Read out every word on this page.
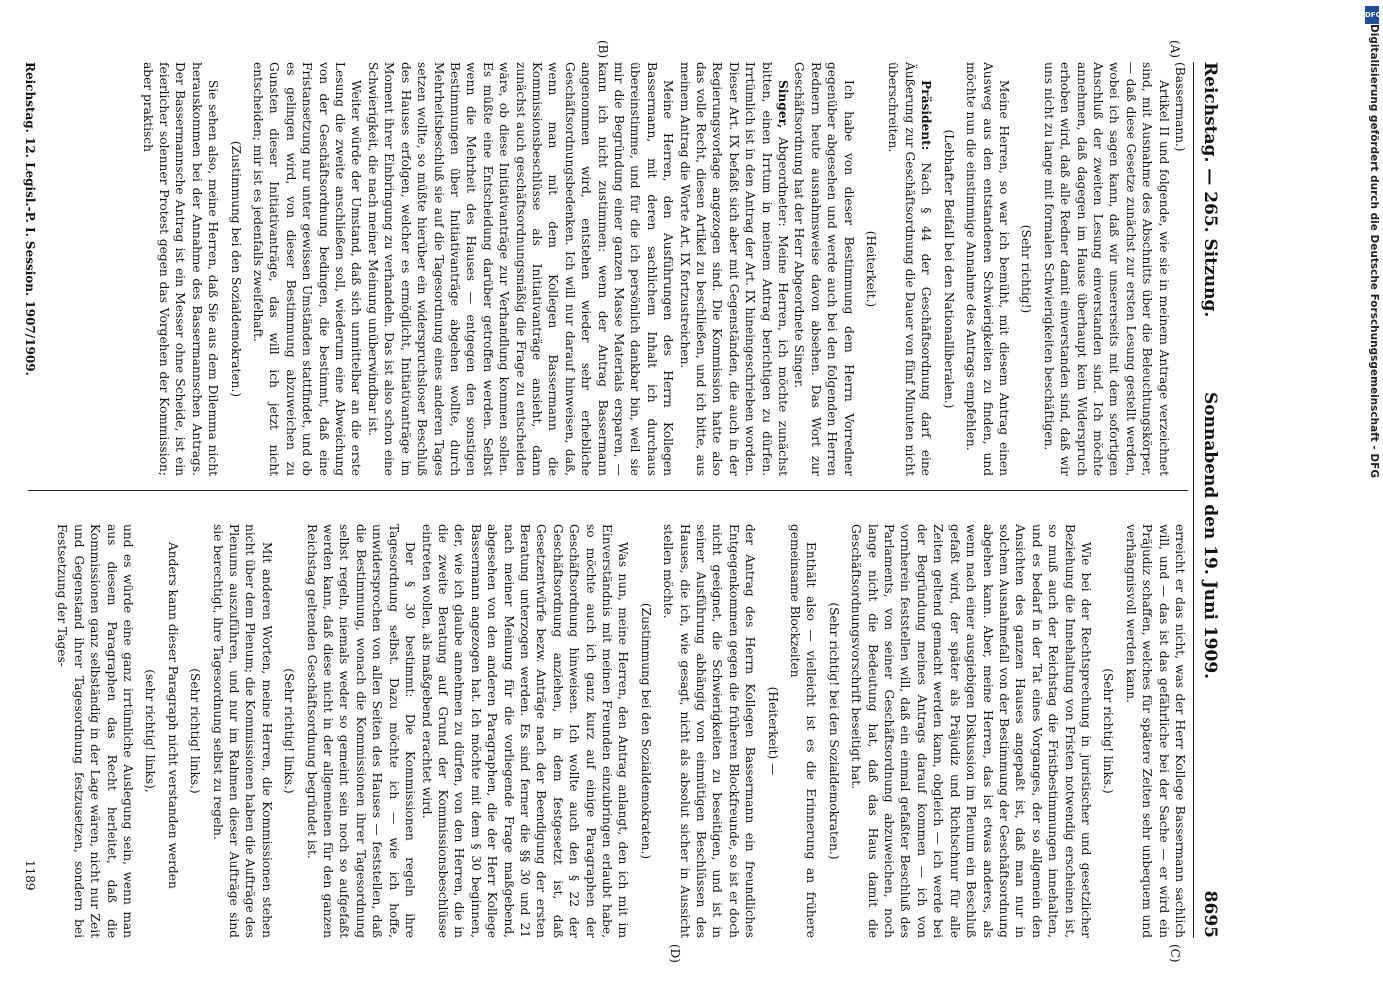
Reichstag. — 265. Sitzung.
Sonnabend den 19. Juni 1909.
8695
(A)
(B)
(C)
(D)

(Bassermann.)

Artikel II und folgende, wie sie in meinem Antrage verzeichnet sind, mit Ausnahme des Abschnitts über die Beleuchtungskörper, — daß diese Gesetze zunächst zur ersten Lesung gestellt werden, wobei ich sagen kann, daß wir unsererseits mit dem sofortigen Anschluß der zweiten Lesung einverstanden sind. Ich möchte annehmen, daß dagegen im Hause überhaupt kein Widerspruch erhoben wird, daß alle Redner damit einverstanden sind, daß wir uns nicht zu lange mit formalen Schwierigkeiten beschäftigen.

(Sehr richtig!)

Meine Herren, so war ich bemüht, mit diesem Antrag einen Ausweg aus den entstandenen Schwierigkeiten zu finden, und möchte nun die einstimmige Annahme des Antrags empfehlen.

(Lebhafter Beifall bei den Nationalliberalen.)

Präsident: Nach § 44 der Geschäftsordnung darf eine Äußerung zur Geschäftsordnung die Dauer von fünf Minuten nicht überschreiten.

(Heiterkeit.)

Ich habe von dieser Bestimmung dem Herrn Vorredner gegenüber abgesehen und werde auch bei den folgenden Herren Rednern heute ausnahmsweise davon absehen. Das Wort zur Geschäftsordnung hat der Herr Abgeordnete Singer.

Singer, Abgeordneter: Meine Herren, ich möchte zunächst bitten, einen Irrtum in meinem Antrag berichtigen zu dürfen. Irrtümlich ist in den Antrag der Art. IX hineingeschrieben worden. Dieser Art. IX befaßt sich aber mit Gegenständen, die auch in der Regierungsvorlage angezogen sind. Die Kommission hatte also das volle Recht, diesen Artikel zu beschließen, und ich bitte, aus meinem Antrag die Worte Art. IX fortzustreichen.

Meine Herren, den Ausführungen des Herrn Kollegen Bassermann, mit deren sachlichem Inhalt ich durchaus übereinstimme, und für die ich persönlich dankbar bin, weil sie mir die Begründung einer ganzen Masse Materials ersparen, — kann ich nicht zustimmen: wenn der Antrag Bassermann angenommen wird, entstehen wieder sehr erhebliche Geschäftsordnungsbedenken. Ich will nur darauf hinweisen, daß, wenn man mit dem Kollegen Bassermann die Kommissionsbeschlüsse als Initiativanträge ansieht, dann zunächst auch geschäftsordnungsmäßig die Frage zu entscheiden wäre, ob diese Initiativanträge zur Verhandlung kommen sollen. Es müßte eine Entscheidung darüber getroffen werden. Selbst wenn die Mehrheit des Hauses — entgegen den sonstigen Bestimmungen über Initiativanträge abgehen wollte, durch Mehrheitsbeschluß sie auf die Tagesordnung eines anderen Tages setzen wollte, so müßte hierüber ein widerspruchsloser Beschluß des Hauses erfolgen, welcher es ermöglicht, Initiativanträge im Moment ihrer Einbringung zu verhandeln. Das ist also schon eine Schwierigkeit, die nach meiner Meinung unüberwindbar ist.

Weiter würde der Umstand, daß sich unmittelbar an die erste Lesung die zweite anschließen soll, wiederum eine Abweichung von der Geschäftsordnung bedingen, die bestimmt, daß eine Fristansetzung nur unter gewissen Umständen stattfindet, und ob es gelingen wird, von dieser Bestimmung abzuweichen zu Gunsten dieser Initiativanträge, das will ich jetzt nicht entscheiden; mir ist es jedenfalls zweifelhaft.

(Zustimmung bei den Sozialdemokraten.)

Sie sehen also, meine Herren, daß Sie aus dem Dilemma nicht herauskommen bei der Annahme des Bassermannschen Antrags. Der Bassermannsche Antrag ist ein Messer ohne Scheide, ist ein feierlicher solenner Protest gegen das Vorgehen der Kommission; aber praktisch

erreicht er das nicht, was der Herr Kollege Bassermann sachlich will, und — das ist das gefährliche bei der Sache — er wird ein Präjudiz schaffen, welches für spätere Zeiten sehr unbequem und verhängnisvoll werden kann.

(Sehr richtig! links.)

Wie bei der Rechtsprechung in juristischer und gesetzlicher Beziehung die Innehaltung von Fristen notwendig erscheinen ist, so muß auch der Reichstag die Fristbestimmungen innehalten, und es bedarf in der Tat eines Vorganges, der so allgemein den Ansichten des ganzen Hauses angepaßt ist, daß man nur in solchem Ausnahmefall von der Bestimmung der Geschäftsordnung abgehen kann. Aber, meine Herren, das ist etwas anderes, als wenn nach einer ausgiebigen Diskussion im Plenum ein Beschluß gefaßt wird, der später als Präjudiz und Richtschnur für alle Zeiten geltend gemacht werden kann, obgleich — ich werde bei der Begründung meines Antrags darauf kommen — ich von vornherein feststellen will, daß ein einmal gefaßter Beschluß des Parlaments, von seiner Geschäftsordnung abzuweichen, noch lange nicht die Bedeutung hat, daß das Haus damit die Geschäftsordnungsvorschrift beseitigt hat.

(Sehr richtig! bei den Sozialdemokraten.)

Enthält also — vielleicht ist es die Erinnerung an frühere gemeinsame Blockzeiten

(Heiterkeit) —

der Antrag des Herrn Kollegen Bassermann ein freundliches Entgegenkommen gegen die früheren Blockfreunde, so ist er doch nicht geeignet, die Schwierigkeiten zu beseitigen, und ist in seiner Ausführung abhängig von einmütigen Beschlüssen des Hauses, die ich, wie gesagt, nicht als absolut sicher in Aussicht stellen möchte.

(Zustimmung bei den Sozialdemokraten.)

Was nun, meine Herren, den Antrag anlangt, den ich mit im Einverständnis mit meinen Freunden einzubringen erlaubt habe, so möchte auch ich ganz kurz auf einige Paragraphen der Geschäftsordnung hinweisen. Ich wollte auch den § 22 der Geschäftsordnung anziehen, in dem festgesetzt ist, daß Gesetzentwürfe bezw. Anträge nach der Beendigung der ersten Beratung unterzogen werden. Es sind ferner die §§ 30 und 21 nach meiner Meinung für die vorliegende Frage maßgebend, abgesehen von den anderen Paragraphen, die der Herr Kollege Bassermann angezogen hat. Ich möchte mit dem § 30 beginnen, der, wie ich glaube annehmen zu dürfen, von den Herren, die in die zweite Beratung auf Grund der Kommissionsbeschlüsse eintreten wollen, als maßgebend erachtet wird.

Der § 30 bestimmt: Die Kommissionen regeln ihre Tagesordnung selbst. Dazu möchte ich — wie ich hoffe, unwidersprochen von allen Seiten des Hauses — feststellen, daß die Bestimmung, wonach die Kommissionen ihrer Tagesordnung selbst regeln, niemals weder so gemeint sein noch so aufgefaßt werden kann, daß diese nicht in der allgemeinen für den ganzen Reichstag geltenden Geschäftsordnung begründet ist.

(Sehr richtig! links.)

Mit anderen Worten, meine Herren, die Kommissionen stehen nicht über dem Plenum; die Kommissionen haben die Aufträge des Plenums auszuführen, und nur im Rahmen dieser Aufträge sind sie berechtigt, ihre Tagesordnung selbst zu regeln.

(Sehr richtig! links.)

Anders kann dieser Paragraph nicht verstanden werden

(sehr richtig! links),

und es würde eine ganz irrtümliche Auslegung sein, wenn man aus diesem Paragraphen das Recht herleitet, daß die Kommissionen ganz selbständig in der Lage wären, nicht nur Zeit und Gegenstand ihrer Tagesordnung festzusetzen, sondern bei Festsetzung der Tages-

Reichstag. 12. Legisl.-P. I. Session. 1907/1909.
1189
Digitalisierung gefördert durch die Deutsche Forschungsgemeinschaft - DFG
DFG
